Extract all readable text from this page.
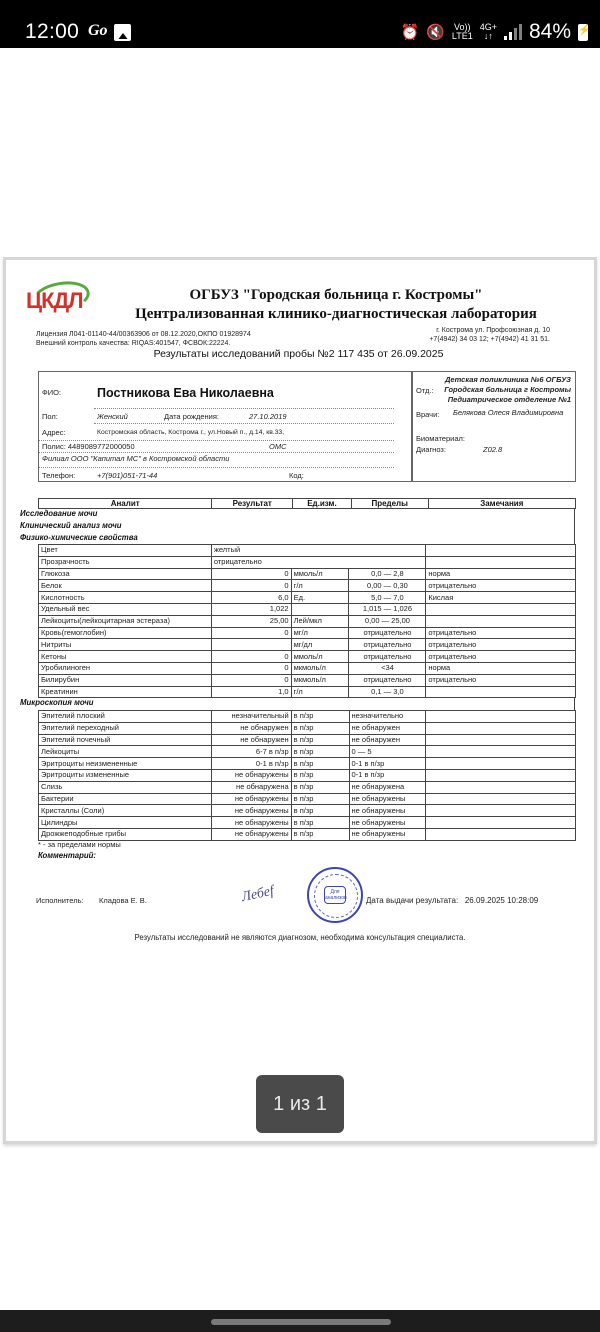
12:00 Go	⏰ 🔇 Vo))
LTE1
4G+
↓↑ 84%
⚡
ЦКДЛ	ОГБУЗ "Городская больница г. Костромы"
Централизованная клинико-диагностическая лаборатория
Лицензия Л041-01140-44/00363906 от 08.12.2020,ОКПО 01928974
Внешний контроль качества: RIQAS:401547, ФСВОК:22224.
г. Кострома ул. Профсоюзная д. 10
+7(4942) 34 03 12; +7(4942) 41 31 51.
Результаты исследований пробы №2 117 435 от 26.09.2025
ФИО:	Постникова Ева Николаевна
Пол:	Женский	Дата рождения:	27.10.2019
Адрес:	Костромская область, Кострома г., ул.Новый п., д.14, кв.33,
Полис: 4489089772000050	ОМС
Филиал ООО "Капитал МС" в Костромской области
Телефон:	+7(901)051-71-44	Код:
Детская поликлиника №6 ОГБУЗ
Отд.: Городская больница г Костромы
Педиатрическое отделение №1
Врачи: Белякова Олеся Владимировна
Биоматериал:
Диагноз:	Z02.8
Аналит	Результат	Ед.изм.	Пределы	Замечания
Исследование мочи
Клинический анализ мочи
Физико-химические свойства
Цвет	желтый			
Прозрачность	отрицательно			
Глюкоза	0	ммоль/л	0,0 — 2,8	норма
Белок	0	г/л	0,00 — 0,30	отрицательно
Кислотность	6,0	Ед.	5,0 — 7,0	Кислая
Удельный вес	1,022		1,015 — 1,026	
Лейкоциты(лейкоцитарная эстераза)	25,00	Лей/мкл	0,00 — 25,00	
Кровь(гемоглобин)	0	мг/л	отрицательно	отрицательно
Нитриты		мг/дл	отрицательно	отрицательно
Кетоны	0	ммоль/л	отрицательно	отрицательно
Уробилиноген	0	мкмоль/л	<34	норма
Билирубин	0	мкмоль/л	отрицательно	отрицательно
Креатинин	1,0	г/л	0,1 — 3,0	
Микроскопия мочи
Эпителий плоский	незначительный	в п/зр	незначительно	
Эпителий переходный	не обнаружен	в п/зр	не обнаружен	
Эпителий почечный	не обнаружен	в п/зр	не обнаружен	
Лейкоциты	6-7 в п/зр	в п/зр	0 — 5	
Эритроциты неизмененные	0-1 в п/зр	в п/зр	0-1 в п/зр	
Эритроциты измененные	не обнаружены	в п/зр	0-1 в п/зр	
Слизь	не обнаружена	в п/зр	не обнаружена	
Бактерии	не обнаружены	в п/зр	не обнаружены	
Кристаллы (Соли)	не обнаружены	в п/зр	не обнаружены	
Цилиндры	не обнаружены	в п/зр	не обнаружены	
Дрожжеподобные грибы	не обнаружены	в п/зр	не обнаружены	
* - за пределами нормы
Комментарий:
Исполнитель: Кладова Е. В.	Лебеf	Для анализов Дата выдачи результата: 26.09.2025 10:28:09
Результаты исследований не являются диагнозом, необходима консультация специалиста.
1 из 1
